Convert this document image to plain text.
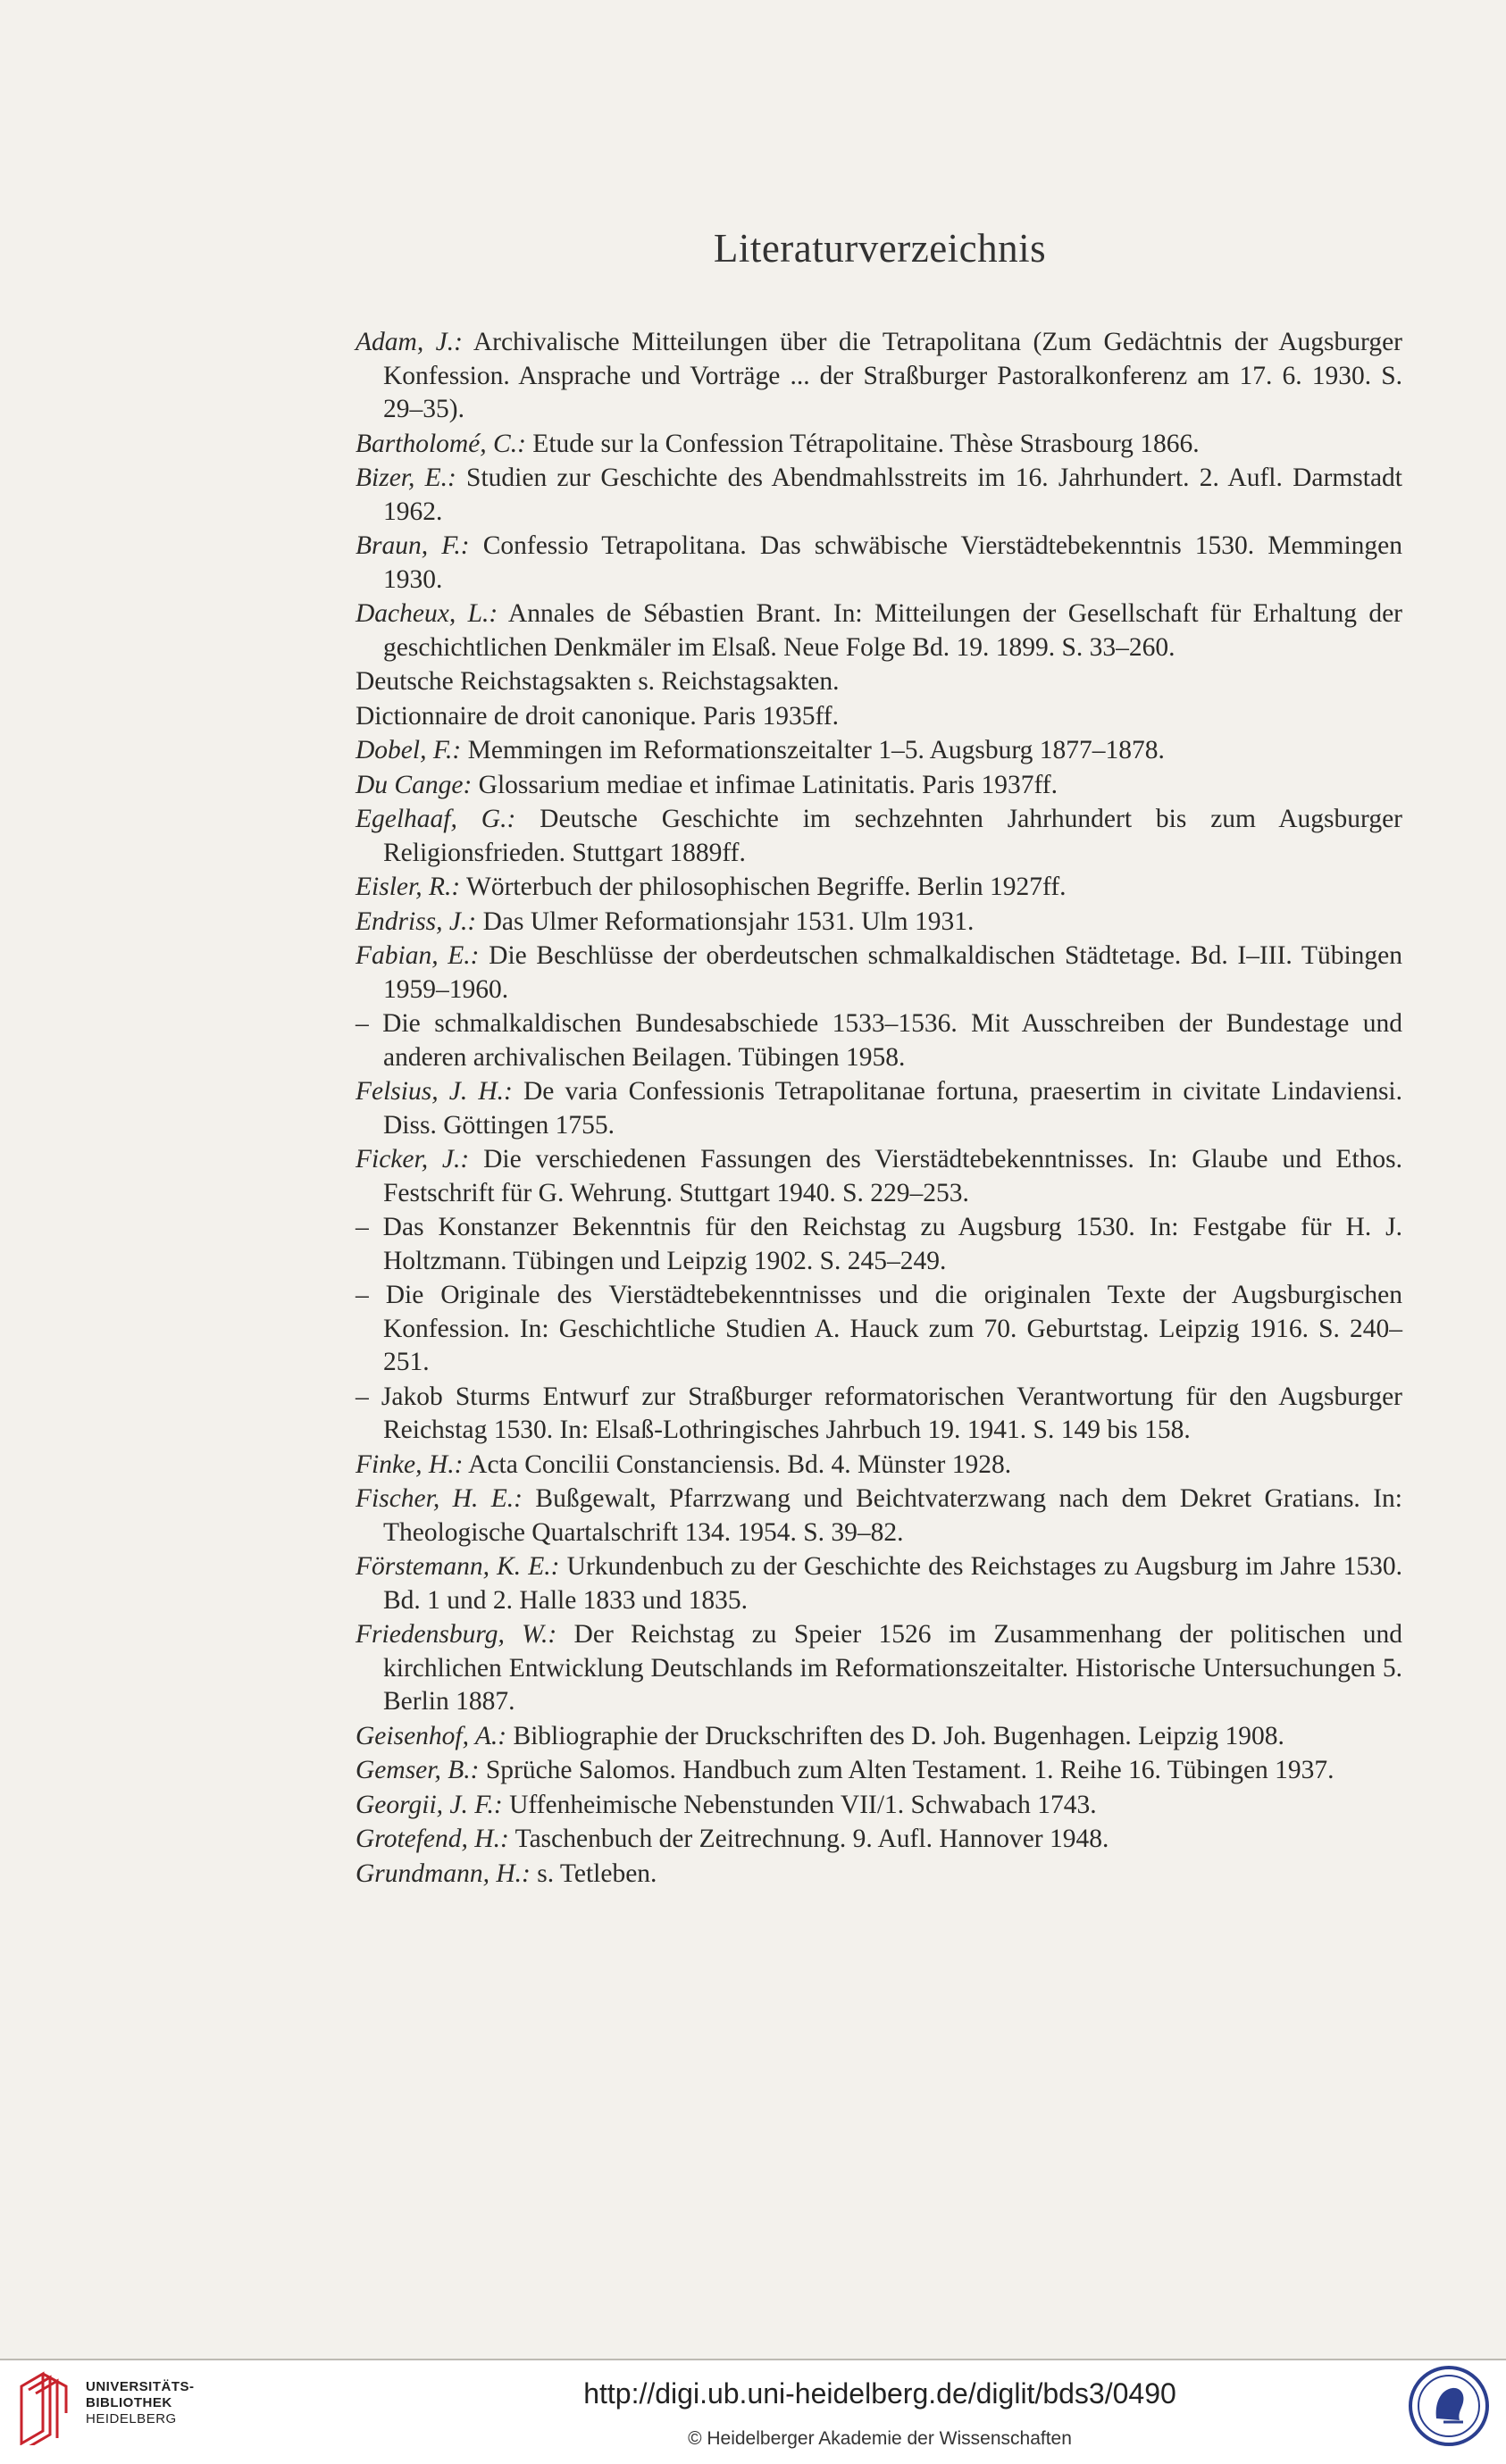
Literaturverzeichnis
Adam, J.: Archivalische Mitteilungen über die Tetrapolitana (Zum Gedächtnis der Augsburger Konfession. Ansprache und Vorträge ... der Straßburger Pastoralkonferenz am 17. 6. 1930. S. 29–35).
Bartholomé, C.: Etude sur la Confession Tétrapolitaine. Thèse Strasbourg 1866.
Bizer, E.: Studien zur Geschichte des Abendmahlsstreits im 16. Jahrhundert. 2. Aufl. Darmstadt 1962.
Braun, F.: Confessio Tetrapolitana. Das schwäbische Vierstädtebekenntnis 1530. Memmingen 1930.
Dacheux, L.: Annales de Sébastien Brant. In: Mitteilungen der Gesellschaft für Erhaltung der geschichtlichen Denkmäler im Elsaß. Neue Folge Bd. 19. 1899. S. 33–260.
Deutsche Reichstagsakten s. Reichstagsakten.
Dictionnaire de droit canonique. Paris 1935ff.
Dobel, F.: Memmingen im Reformationszeitalter 1–5. Augsburg 1877–1878.
Du Cange: Glossarium mediae et infimae Latinitatis. Paris 1937ff.
Egelhaaf, G.: Deutsche Geschichte im sechzehnten Jahrhundert bis zum Augsburger Religionsfrieden. Stuttgart 1889ff.
Eisler, R.: Wörterbuch der philosophischen Begriffe. Berlin 1927ff.
Endriss, J.: Das Ulmer Reformationsjahr 1531. Ulm 1931.
Fabian, E.: Die Beschlüsse der oberdeutschen schmalkaldischen Städtetage. Bd. I–III. Tübingen 1959–1960.
– Die schmalkaldischen Bundesabschiede 1533–1536. Mit Ausschreiben der Bundestage und anderen archivalischen Beilagen. Tübingen 1958.
Felsius, J. H.: De varia Confessionis Tetrapolitanae fortuna, praesertim in civitate Lindaviensi. Diss. Göttingen 1755.
Ficker, J.: Die verschiedenen Fassungen des Vierstädtebekenntnisses. In: Glaube und Ethos. Festschrift für G. Wehrung. Stuttgart 1940. S. 229–253.
– Das Konstanzer Bekenntnis für den Reichstag zu Augsburg 1530. In: Festgabe für H. J. Holtzmann. Tübingen und Leipzig 1902. S. 245–249.
– Die Originale des Vierstädtebekenntnisses und die originalen Texte der Augsburgischen Konfession. In: Geschichtliche Studien A. Hauck zum 70. Geburtstag. Leipzig 1916. S. 240–251.
– Jakob Sturms Entwurf zur Straßburger reformatorischen Verantwortung für den Augsburger Reichstag 1530. In: Elsaß-Lothringisches Jahrbuch 19. 1941. S. 149 bis 158.
Finke, H.: Acta Concilii Constanciensis. Bd. 4. Münster 1928.
Fischer, H. E.: Bußgewalt, Pfarrzwang und Beichtvaterzwang nach dem Dekret Gratians. In: Theologische Quartalschrift 134. 1954. S. 39–82.
Förstemann, K. E.: Urkundenbuch zu der Geschichte des Reichstages zu Augsburg im Jahre 1530. Bd. 1 und 2. Halle 1833 und 1835.
Friedensburg, W.: Der Reichstag zu Speier 1526 im Zusammenhang der politischen und kirchlichen Entwicklung Deutschlands im Reformationszeitalter. Historische Untersuchungen 5. Berlin 1887.
Geisenhof, A.: Bibliographie der Druckschriften des D. Joh. Bugenhagen. Leipzig 1908.
Gemser, B.: Sprüche Salomos. Handbuch zum Alten Testament. 1. Reihe 16. Tübingen 1937.
Georgii, J. F.: Uffenheimische Nebenstunden VII/1. Schwabach 1743.
Grotefend, H.: Taschenbuch der Zeitrechnung. 9. Aufl. Hannover 1948.
Grundmann, H.: s. Tetleben.
UNIVERSITÄTS-
BIBLIOTHEK
HEIDELBERG
http://digi.ub.uni-heidelberg.de/diglit/bds3/0490
© Heidelberger Akademie der Wissenschaften
